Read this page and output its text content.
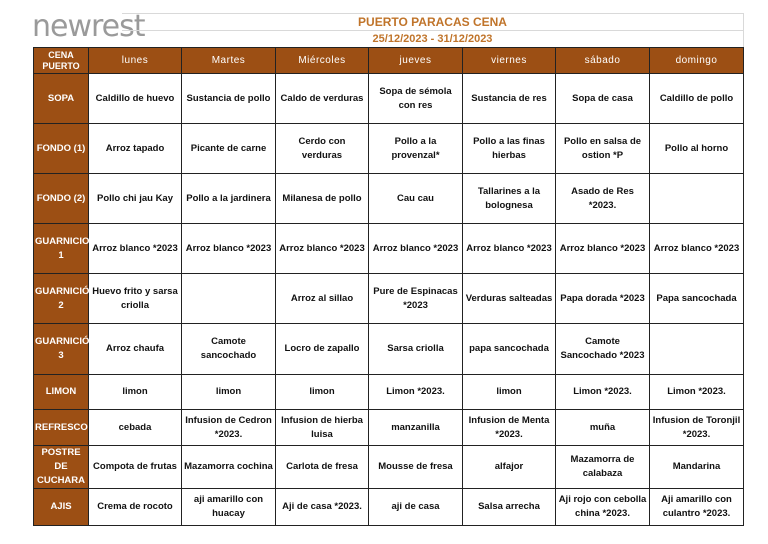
newrest	PUERTO PARACAS CENA
25/12/2023 - 31/12/2023
CENA PUERTO	lunes	Martes	Miércoles	jueves	viernes	sábado	domingo
SOPA	Caldillo de huevo	Sustancia de pollo	Caldo de verduras	Sopa de sémola con res	Sustancia de res	Sopa de casa	Caldillo de pollo
FONDO (1)	Arroz tapado	Picante de carne	Cerdo con verduras	Pollo a la provenzal*	Pollo a las finas hierbas	Pollo en salsa de ostion *P	Pollo al horno
FONDO (2)	Pollo chi jau Kay	Pollo a la jardinera	Milanesa de pollo	Cau cau	Tallarines a la bolognesa	Asado de Res *2023.	
GUARNICION 1	Arroz blanco *2023	Arroz blanco *2023	Arroz blanco *2023	Arroz blanco *2023	Arroz blanco *2023	Arroz blanco *2023	Arroz blanco *2023
GUARNICIÓN 2	Huevo frito y sarsa criolla		Arroz al sillao	Pure de Espinacas *2023	Verduras salteadas	Papa dorada *2023	Papa sancochada
GUARNICIÓN 3	Arroz chaufa	Camote sancochado	Locro de zapallo	Sarsa criolla	papa sancochada	Camote Sancochado *2023	
LIMON	limon	limon	limon	Limon *2023.	limon	Limon *2023.	Limon *2023.
REFRESCO	cebada	Infusion de Cedron *2023.	Infusion de hierba luisa	manzanilla	Infusion de Menta *2023.	muña	Infusion de Toronjil *2023.
POSTRE DE CUCHARA	Compota de frutas	Mazamorra cochina	Carlota de fresa	Mousse de fresa	alfajor	Mazamorra de calabaza	Mandarina
AJIS	Crema de rocoto	aji amarillo con huacay	Aji de casa *2023.	aji de casa	Salsa arrecha	Aji rojo con cebolla china *2023.	Aji amarillo con culantro *2023.
